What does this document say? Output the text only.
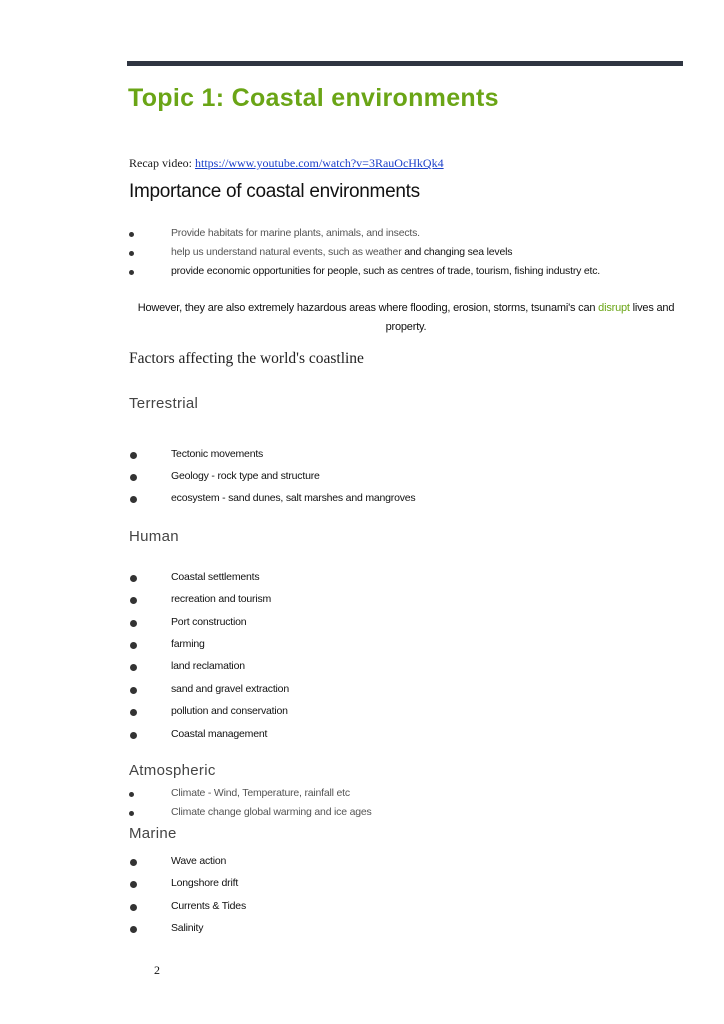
Topic 1: Coastal environments
Recap video: https://www.youtube.com/watch?v=3RauOcHkQk4
Importance of coastal environments
Provide habitats for marine plants, animals, and insects.
help us understand natural events, such as weather and changing sea levels
provide economic opportunities for people, such as centres of trade, tourism, fishing industry etc.
However, they are also extremely hazardous areas where flooding, erosion, storms, tsunami's can disrupt lives and property.
Factors affecting the world's coastline
Terrestrial
Tectonic movements
Geology - rock type and structure
ecosystem - sand dunes, salt marshes and mangroves
Human
Coastal settlements
recreation and tourism
Port construction
farming
land reclamation
sand and gravel extraction
pollution and conservation
Coastal management
Atmospheric
Climate - Wind, Temperature, rainfall etc
Climate change global warming and ice ages
Marine
Wave action
Longshore drift
Currents & Tides
Salinity
2
